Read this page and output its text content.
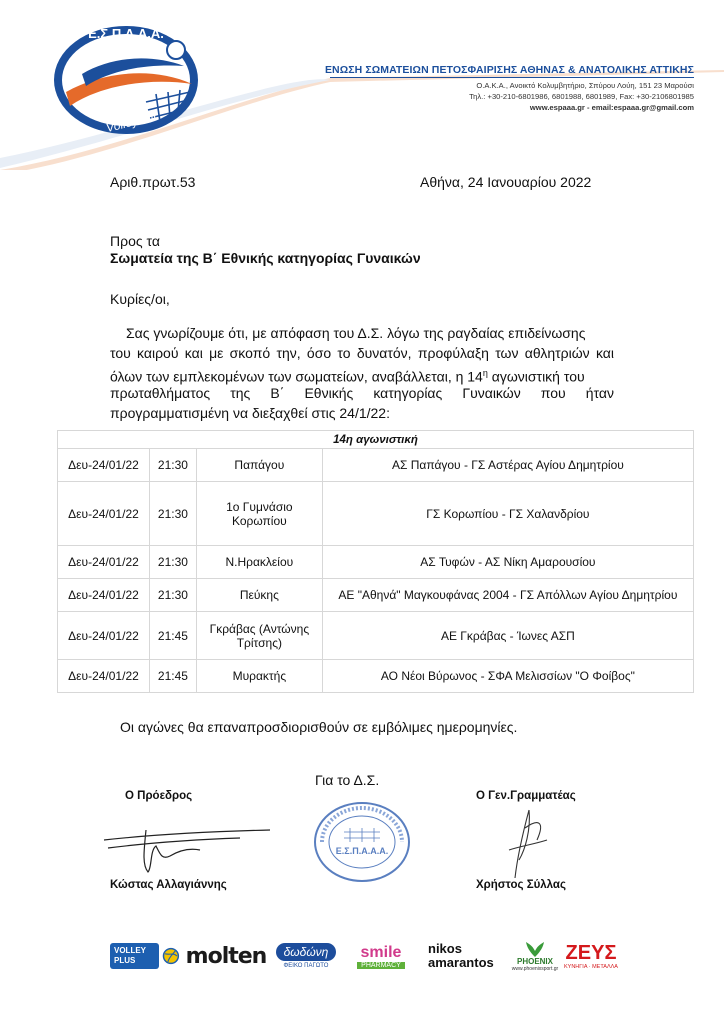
Ε.Σ.Π.Α.Α.Α.
Volleyball
ΕΝΩΣΗ ΣΩΜΑΤΕΙΩΝ ΠΕΤΟΣΦΑΙΡΙΣΗΣ ΑΘΗΝΑΣ & ΑΝΑΤΟΛΙΚΗΣ ΑΤΤΙΚΗΣ
Ο.Α.Κ.Α., Ανοικτό Κολυμβητήριο, Σπύρου Λούη, 151 23 Μαρούσι
Τηλ.: +30-210-6801986, 6801988, 6801989, Fax: +30-2106801985
www.espaaa.gr - email:espaaa.gr@gmail.com
Αριθ.πρωτ.53	Αθήνα, 24 Ιανουαρίου 2022
Προς τα
Σωματεία της Β΄ Εθνικής κατηγορίας Γυναικών
Κυρίες/οι,
Σας γνωρίζουμε ότι, με απόφαση του Δ.Σ. λόγω της ραγδαίας επιδείνωσης
του καιρού και με σκοπό την, όσο το δυνατόν, προφύλαξη των αθλητριών και
όλων των εμπλεκομένων των σωματείων, αναβάλλεται, η $14^\eta$ αγωνιστική του
πρωταθλήματος της Β΄ Εθνικής κατηγορίας Γυναικών που ήταν
προγραμματισμένη να διεξαχθεί στις 24/1/22:
14η αγωνιστική			
Δευ-24/01/22	21:30	Παπάγου	ΑΣ Παπάγου - ΓΣ Αστέρας Αγίου Δημητρίου
Δευ-24/01/22	21:30	1ο Γυμνάσιο Κορωπίου	ΓΣ Κορωπίου - ΓΣ Χαλανδρίου
Δευ-24/01/22	21:30	Ν.Ηρακλείου	ΑΣ Τυφών - ΑΣ Νίκη Αμαρουσίου
Δευ-24/01/22	21:30	Πεύκης	ΑΕ "Αθηνά" Μαγκουφάνας 2004 - ΓΣ Απόλλων Αγίου Δημητρίου
Δευ-24/01/22	21:45	Γκράβας (Αντώνης Τρίτσης)	ΑΕ Γκράβας - Ίωνες ΑΣΠ
Δευ-24/01/22	21:45	Μυρακτής	ΑΟ Νέοι Βύρωνος - ΣΦΑ Μελισσίων "Ο Φοίβος"
Οι αγώνες θα επαναπροσδιορισθούν σε εμβόλιμες ημερομηνίες.
Για το Δ.Σ.
Ο Πρόεδρος	Ο Γεν.Γραμματέας
Ε.Σ.Π.Α.Α.Α.
Κώστας Αλλαγιάννης	Χρήστος Σύλλας
VOLLEY PLUS	molten	δωδώνη
ΦΕΙΚΟ ΠΑΓΩΤΟ
smile
PHARMACY
nikos
amarantos	PHOENIX
www.phoenixsport.gr
ΖΕΥΣ
ΚΥΝΗΓΙΑ · ΜΕΤΑΛΛΑ
